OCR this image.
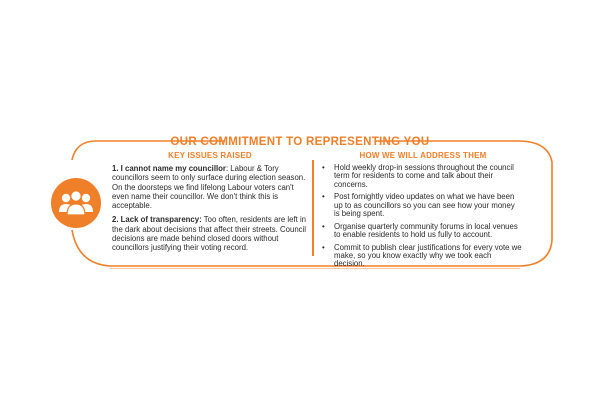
OUR COMMITMENT TO REPRESENTING YOU
KEY ISSUES RAISED	HOW WE WILL ADDRESS THEM

1. I cannot name my councillor: Labour & Tory councillors seem to only surface during election season. On the doorsteps we find lifelong Labour voters can't even name their councillor. We don't think this is acceptable.

2. Lack of transparency: Too often, residents are left in the dark about decisions that affect their streets. Council decisions are made behind closed doors without councillors justifying their voting record.

• Hold weekly drop-in sessions throughout the council term for residents to come and talk about their concerns.
• Post fornightly video updates on what we have been up to as councillors so you can see how your money is being spent.
• Organise quarterly community forums in local venues to enable residents to hold us fully to account.
• Commit to publish clear justifications for every vote we make, so you know exactly why we took each decision.
